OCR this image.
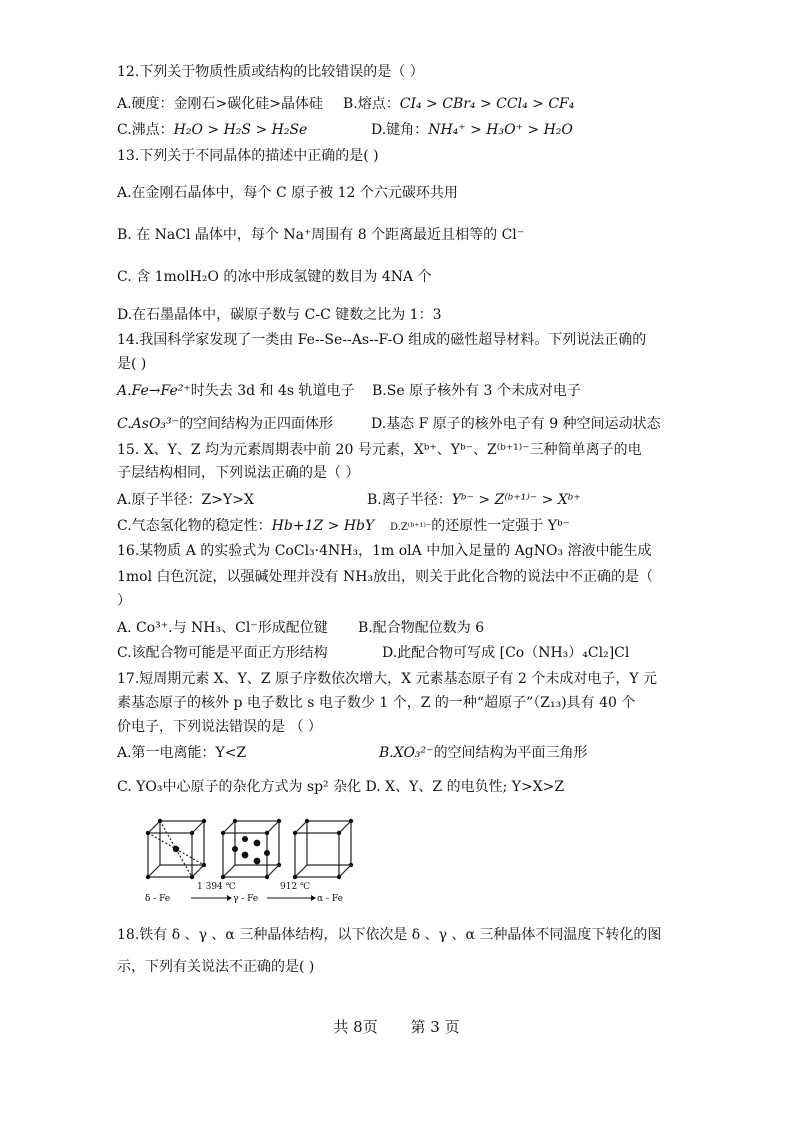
12.下列关于物质性质或结构的比较错误的是（ ）
A.硬度：金刚石>碳化硅>晶体硅 B.熔点：CI₄ > CBr₄ > CCl₄ > CF₄
C.沸点：H₂O > H₂S > H₂Se	D.键角：NH₄⁺ > H₃O⁺ > H₂O
13.下列关于不同晶体的描述中正确的是( )
A.在金刚石晶体中，每个 C 原子被 12 个六元碳环共用
B. 在 NaCl 晶体中，每个 Na⁺周围有 8 个距离最近且相等的 Cl⁻
C. 含 1molH₂O 的冰中形成氢键的数目为 4NA 个
D.在石墨晶体中，碳原子数与 C-C 键数之比为 1：3
14.我国科学家发现了一类由 Fe--Se--As--F-O 组成的磁性超导材料。下列说法正确的
是( )
A.Fe→Fe²⁺时失去 3d 和 4s 轨道电子 B.Se 原子核外有 3 个未成对电子
C.AsO₃³⁻的空间结构为正四面体形	D.基态 F 原子的核外电子有 9 种空间运动状态
15. X、Y、Z 均为元素周期表中前 20 号元素，Xᵇ⁺、Yᵇ⁻、Z⁽ᵇ⁺¹⁾⁻三种简单离子的电
子层结构相同，下列说法正确的是（ ）
A.原子半径：Z>Y>X	B.离子半径：Yᵇ⁻ > Z⁽ᵇ⁺¹⁾⁻ > Xᵇ⁺
C.气态氢化物的稳定性：Hb+1Z > HbY D.Z⁽ᵇ⁺¹⁾⁻的还原性一定强于 Yᵇ⁻
16.某物质 A 的实验式为 CoCl₃·4NH₃，1m olA 中加入足量的 AgNO₃ 溶液中能生成
1mol 白色沉淀，以强碱处理并没有 NH₃放出，则关于此化合物的说法中不正确的是（
）
A. Co³⁺.与 NH₃、Cl⁻形成配位键 B.配合物配位数为 6
C.该配合物可能是平面正方形结构	D.此配合物可写成 [Co（NH₃）₄Cl₂]Cl
17.短周期元素 X、Y、Z 原子序数依次增大，X 元素基态原子有 2 个未成对电子，Y 元
素基态原子的核外 p 电子数比 s 电子数少 1 个，Z 的一种“超原子”（Z₁₃)具有 40 个
价电子，下列说法错误的是 （ ）
A.第一电离能：Y<Z	B.XO₃²⁻的空间结构为平面三角形
C. YO₃中心原子的杂化方式为 sp² 杂化 D. X、Y、Z 的电负性; Y>X>Z
δ - Fe
1 394 ℃
γ - Fe
912 ℃
α - Fe
18.铁有 δ 、γ 、α 三种晶体结构，以下依次是 δ 、γ 、α 三种晶体不同温度下转化的图
示，下列有关说法不正确的是( )
共 8页 第 3 页
